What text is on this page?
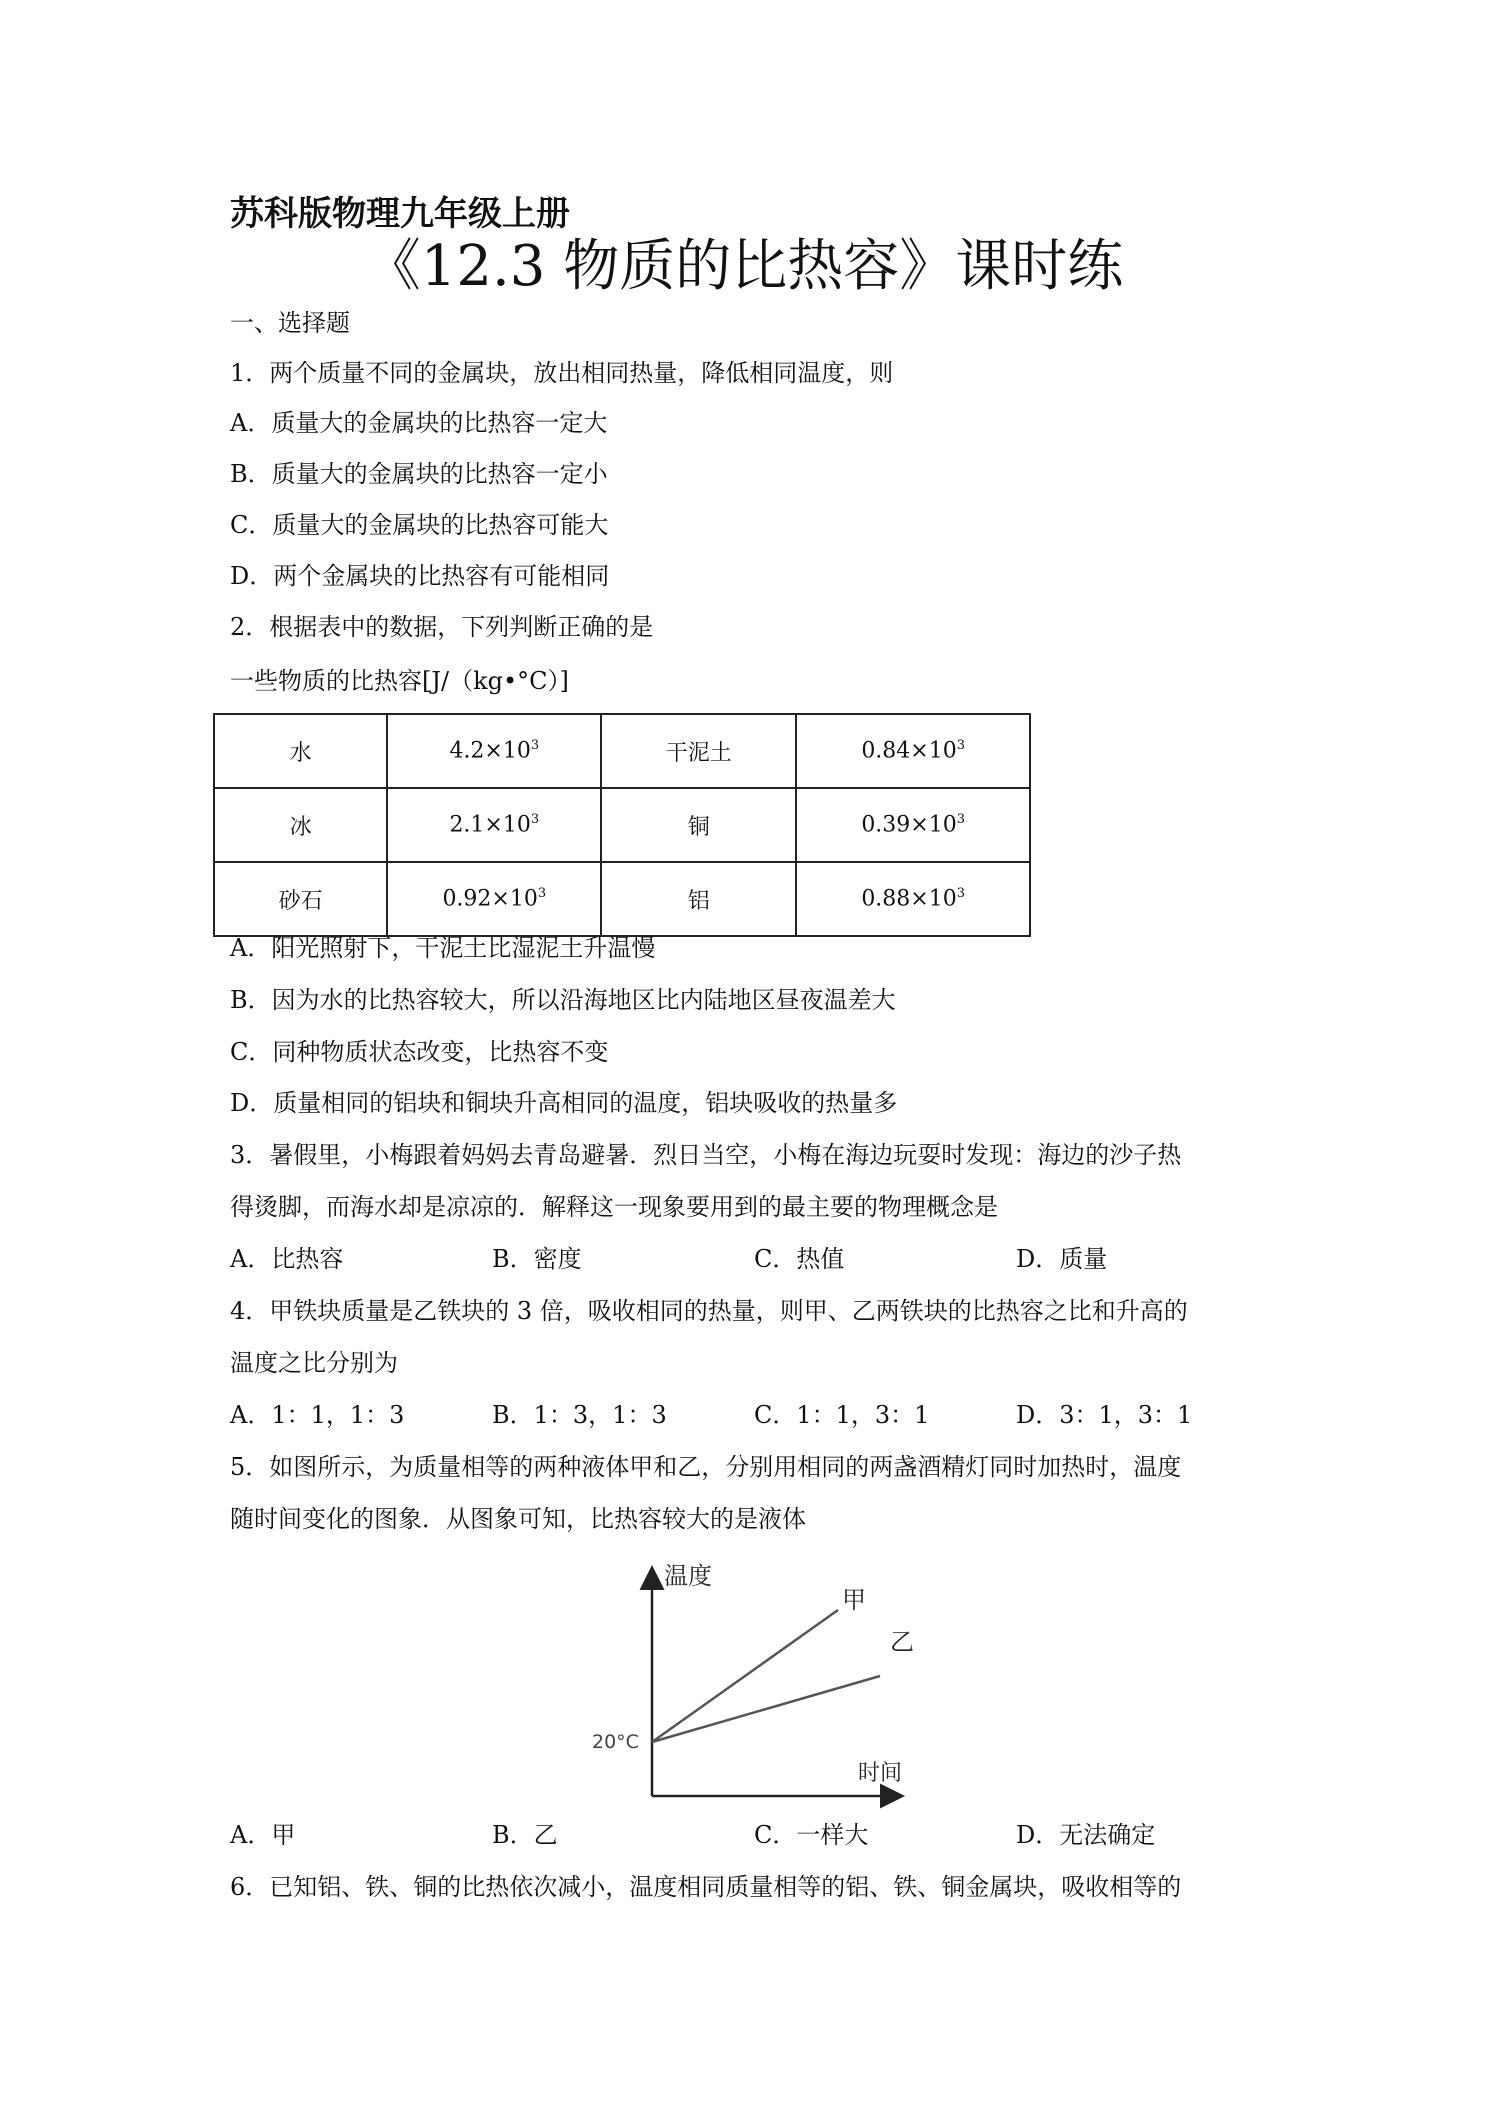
苏科版物理九年级上册
《12.3 物质的比热容》课时练
一、选择题
1．两个质量不同的金属块，放出相同热量，降低相同温度，则
A．质量大的金属块的比热容一定大
B．质量大的金属块的比热容一定小
C．质量大的金属块的比热容可能大
D．两个金属块的比热容有可能相同
2．根据表中的数据，下列判断正确的是
一些物质的比热容[J/（kg•°C）]
水	$4.2\times 10^3$	干泥土	$0.84\times 10^3$
冰	$2.1\times 10^3$	铜	$0.39\times 10^3$
砂石	$0.92\times 10^3$	铝	$0.88\times 10^3$
A．阳光照射下，干泥土比湿泥土升温慢
B．因为水的比热容较大，所以沿海地区比内陆地区昼夜温差大
C．同种物质状态改变，比热容不变
D．质量相同的铝块和铜块升高相同的温度，铝块吸收的热量多
3．暑假里，小梅跟着妈妈去青岛避暑．烈日当空，小梅在海边玩耍时发现：海边的沙子热
得烫脚，而海水却是凉凉的．解释这一现象要用到的最主要的物理概念是
A．比热容	B．密度	C．热值	D．质量
4．甲铁块质量是乙铁块的 3 倍，吸收相同的热量，则甲、乙两铁块的比热容之比和升高的
温度之比分别为
A．1：1，1：3	B．1：3，1：3	C．1：1，3：1	D．3：1，3：1
5．如图所示，为质量相等的两种液体甲和乙，分别用相同的两盏酒精灯同时加热时，温度
随时间变化的图象．从图象可知，比热容较大的是液体
温度
时间
20°C
甲
乙
A．甲	B．乙	C．一样大	D．无法确定
6．已知铝、铁、铜的比热依次减小，温度相同质量相等的铝、铁、铜金属块，吸收相等的
